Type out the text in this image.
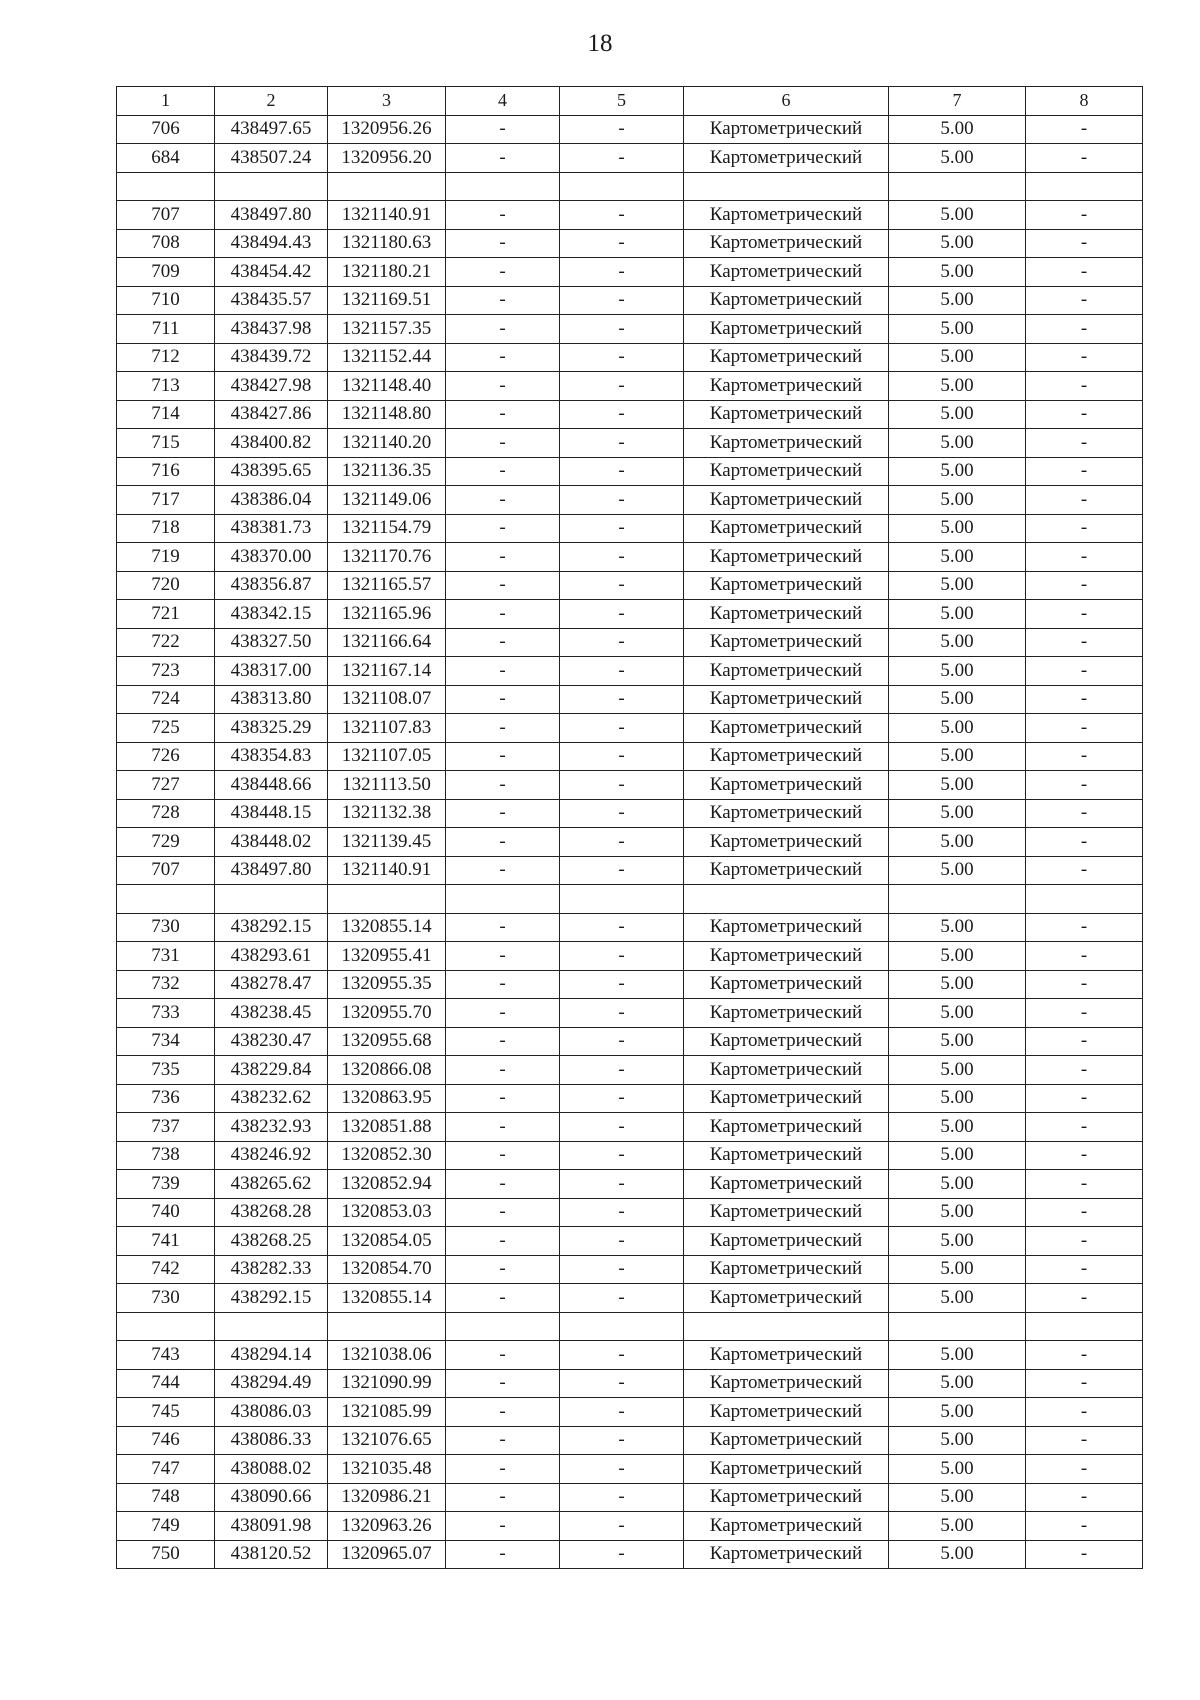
18
1	2	3	4	5	6	7	8
706	438497.65	1320956.26	-	-	Картометрический	5.00	-
684	438507.24	1320956.20	-	-	Картометрический	5.00	-

707	438497.80	1321140.91	-	-	Картометрический	5.00	-
708	438494.43	1321180.63	-	-	Картометрический	5.00	-
709	438454.42	1321180.21	-	-	Картометрический	5.00	-
710	438435.57	1321169.51	-	-	Картометрический	5.00	-
711	438437.98	1321157.35	-	-	Картометрический	5.00	-
712	438439.72	1321152.44	-	-	Картометрический	5.00	-
713	438427.98	1321148.40	-	-	Картометрический	5.00	-
714	438427.86	1321148.80	-	-	Картометрический	5.00	-
715	438400.82	1321140.20	-	-	Картометрический	5.00	-
716	438395.65	1321136.35	-	-	Картометрический	5.00	-
717	438386.04	1321149.06	-	-	Картометрический	5.00	-
718	438381.73	1321154.79	-	-	Картометрический	5.00	-
719	438370.00	1321170.76	-	-	Картометрический	5.00	-
720	438356.87	1321165.57	-	-	Картометрический	5.00	-
721	438342.15	1321165.96	-	-	Картометрический	5.00	-
722	438327.50	1321166.64	-	-	Картометрический	5.00	-
723	438317.00	1321167.14	-	-	Картометрический	5.00	-
724	438313.80	1321108.07	-	-	Картометрический	5.00	-
725	438325.29	1321107.83	-	-	Картометрический	5.00	-
726	438354.83	1321107.05	-	-	Картометрический	5.00	-
727	438448.66	1321113.50	-	-	Картометрический	5.00	-
728	438448.15	1321132.38	-	-	Картометрический	5.00	-
729	438448.02	1321139.45	-	-	Картометрический	5.00	-
707	438497.80	1321140.91	-	-	Картометрический	5.00	-

730	438292.15	1320855.14	-	-	Картометрический	5.00	-
731	438293.61	1320955.41	-	-	Картометрический	5.00	-
732	438278.47	1320955.35	-	-	Картометрический	5.00	-
733	438238.45	1320955.70	-	-	Картометрический	5.00	-
734	438230.47	1320955.68	-	-	Картометрический	5.00	-
735	438229.84	1320866.08	-	-	Картометрический	5.00	-
736	438232.62	1320863.95	-	-	Картометрический	5.00	-
737	438232.93	1320851.88	-	-	Картометрический	5.00	-
738	438246.92	1320852.30	-	-	Картометрический	5.00	-
739	438265.62	1320852.94	-	-	Картометрический	5.00	-
740	438268.28	1320853.03	-	-	Картометрический	5.00	-
741	438268.25	1320854.05	-	-	Картометрический	5.00	-
742	438282.33	1320854.70	-	-	Картометрический	5.00	-
730	438292.15	1320855.14	-	-	Картометрический	5.00	-

743	438294.14	1321038.06	-	-	Картометрический	5.00	-
744	438294.49	1321090.99	-	-	Картометрический	5.00	-
745	438086.03	1321085.99	-	-	Картометрический	5.00	-
746	438086.33	1321076.65	-	-	Картометрический	5.00	-
747	438088.02	1321035.48	-	-	Картометрический	5.00	-
748	438090.66	1320986.21	-	-	Картометрический	5.00	-
749	438091.98	1320963.26	-	-	Картометрический	5.00	-
750	438120.52	1320965.07	-	-	Картометрический	5.00	-
